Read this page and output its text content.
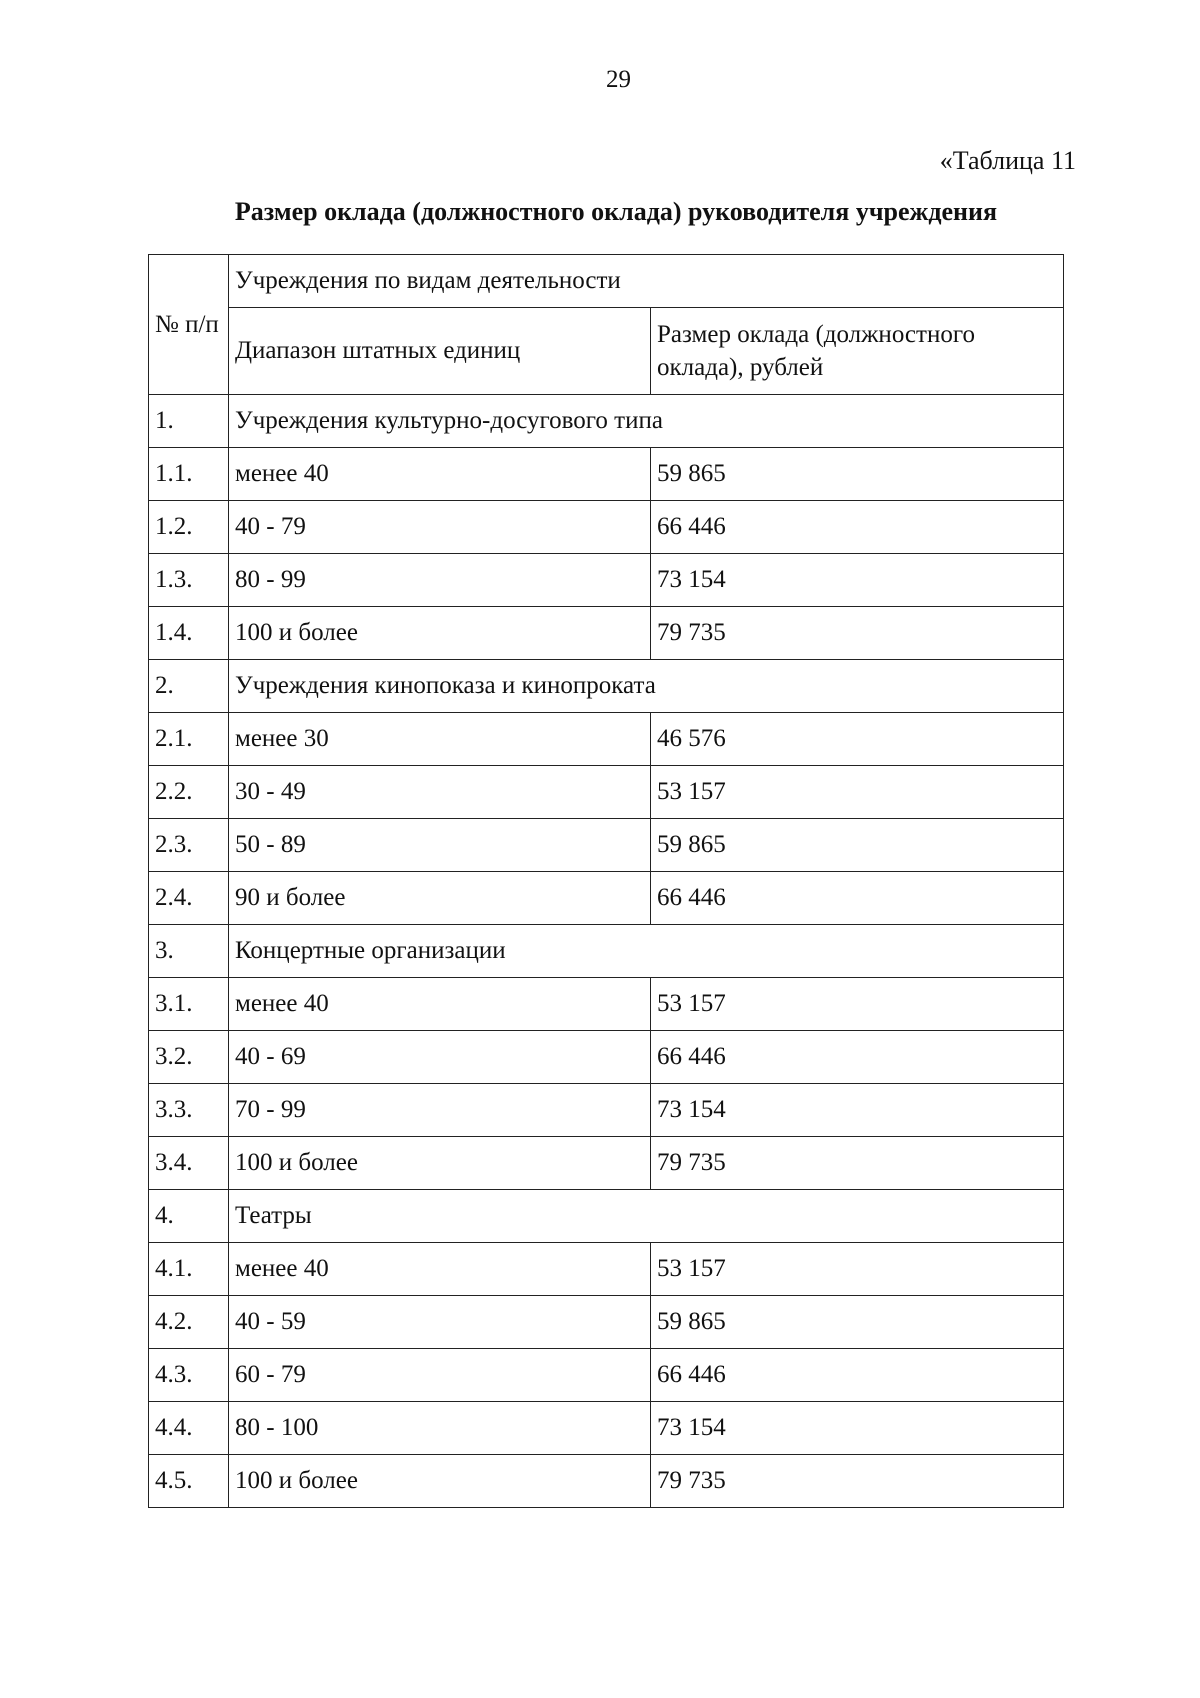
29
«Таблица 11
Размер оклада (должностного оклада) руководителя учреждения
№ п/п	Учреждения по видам деятельности	
	Диапазон штатных единиц	Размер оклада (должностного оклада), рублей
1.	Учреждения культурно-досугового типа	
1.1.	менее 40	59 865
1.2.	40 - 79	66 446
1.3.	80 - 99	73 154
1.4.	100 и более	79 735
2.	Учреждения кинопоказа и кинопроката	
2.1.	менее 30	46 576
2.2.	30 - 49	53 157
2.3.	50 - 89	59 865
2.4.	90 и более	66 446
3.	Концертные организации	
3.1.	менее 40	53 157
3.2.	40 - 69	66 446
3.3.	70 - 99	73 154
3.4.	100 и более	79 735
4.	Театры	
4.1.	менее 40	53 157
4.2.	40 - 59	59 865
4.3.	60 - 79	66 446
4.4.	80 - 100	73 154
4.5.	100 и более	79 735
